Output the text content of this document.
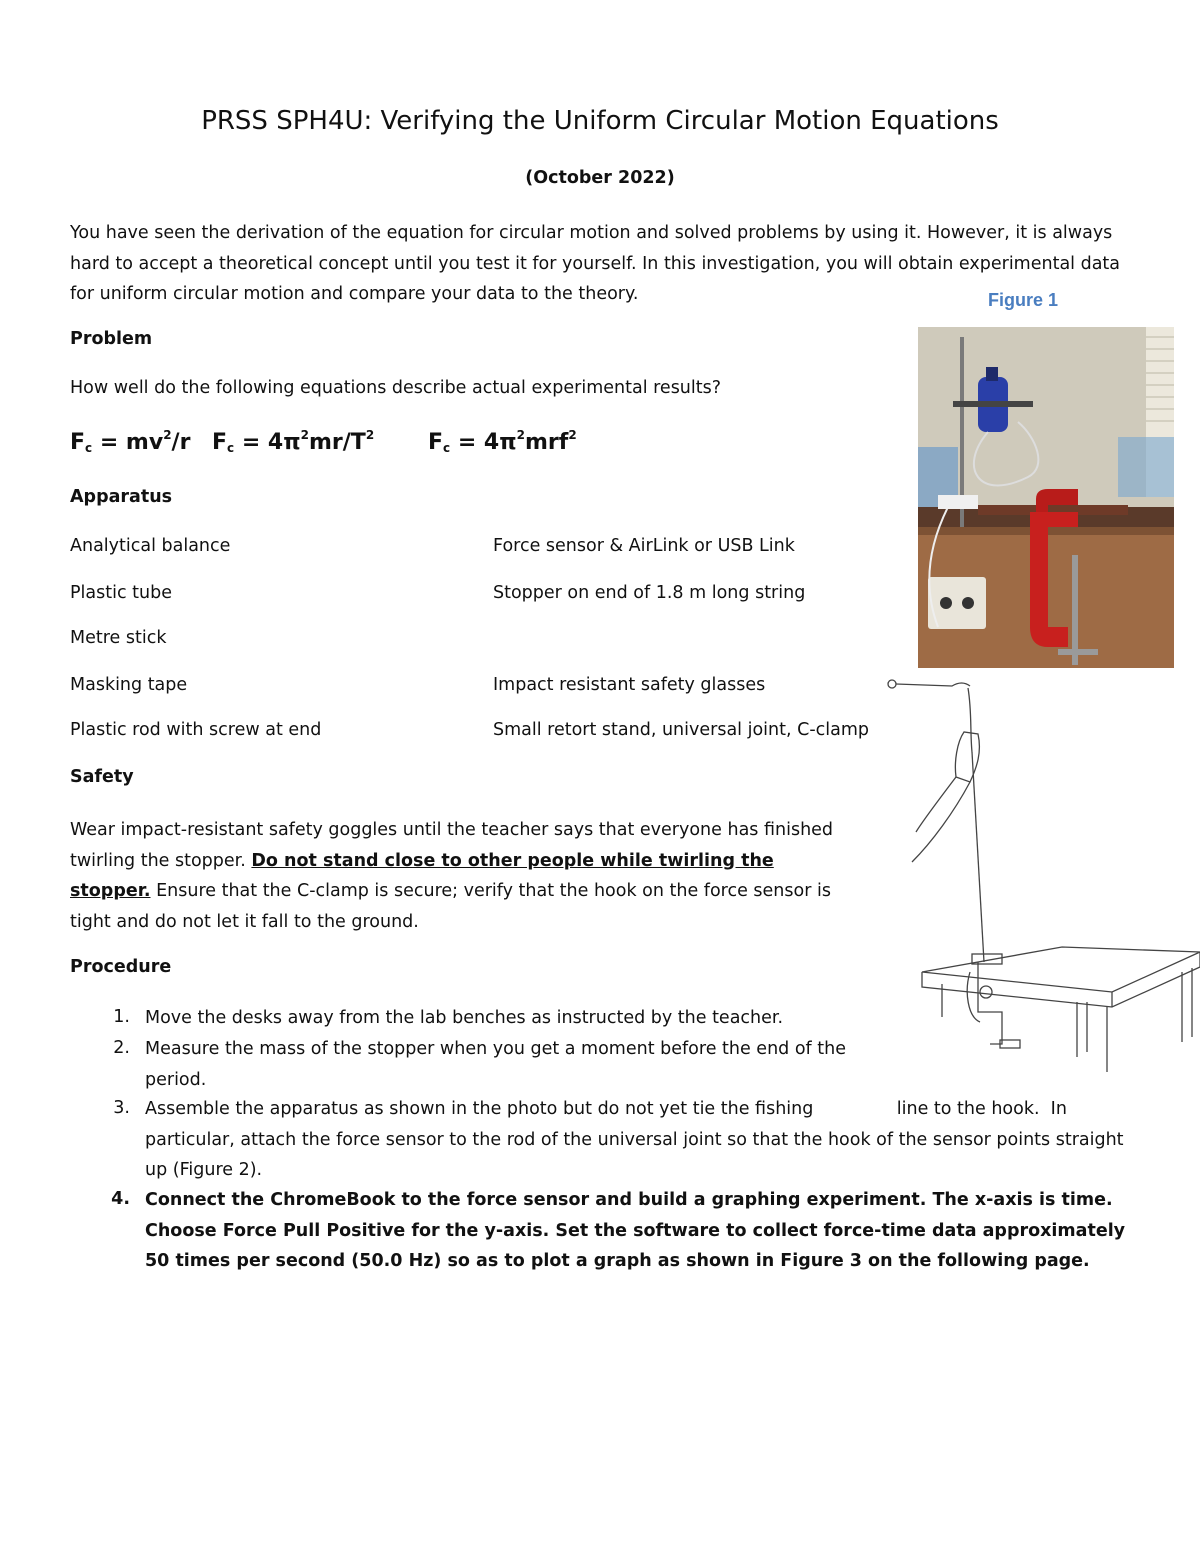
PRSS SPH4U: Verifying the Uniform Circular Motion Equations
(October 2022)
You have seen the derivation of the equation for circular motion and solved problems by using it. However, it is always hard to accept a theoretical concept until you test it for yourself. In this investigation, you will obtain experimental data for uniform circular motion and compare your data to the theory.
Problem
How well do the following equations describe actual experimental results?
$F_c = mv^2/r$ $F_c = 4\pi^2mr/T^2$ $F_c = 4\pi^2mrf^2$
Apparatus
Analytical balance
Plastic tube
Metre stick
Masking tape
Plastic rod with screw at end
Force sensor & AirLink or USB Link
Stopper on end of 1.8 m long string
Impact resistant safety glasses
Small retort stand, universal joint, C-clamp
Safety
Wear impact-resistant safety goggles until the teacher says that everyone has finished twirling the stopper. Do not stand close to other people while twirling the stopper. Ensure that the C-clamp is secure; verify that the hook on the force sensor is tight and do not let it fall to the ground.
Procedure
1. Move the desks away from the lab benches as instructed by the teacher.
2. Measure the mass of the stopper when you get a moment before the end of the period.
3. Assemble the apparatus as shown in the photo but do not yet tie the fishing               line to the hook.  In particular, attach the force sensor to the rod of the universal joint so that the hook of the sensor points straight up (Figure 2).
4. Connect the ChromeBook to the force sensor and build a graphing experiment. The x-axis is time. Choose Force Pull Positive for the y-axis. Set the software to collect force-time data approximately 50 times per second (50.0 Hz) so as to plot a graph as shown in Figure 3 on the following page.
Figure 1
